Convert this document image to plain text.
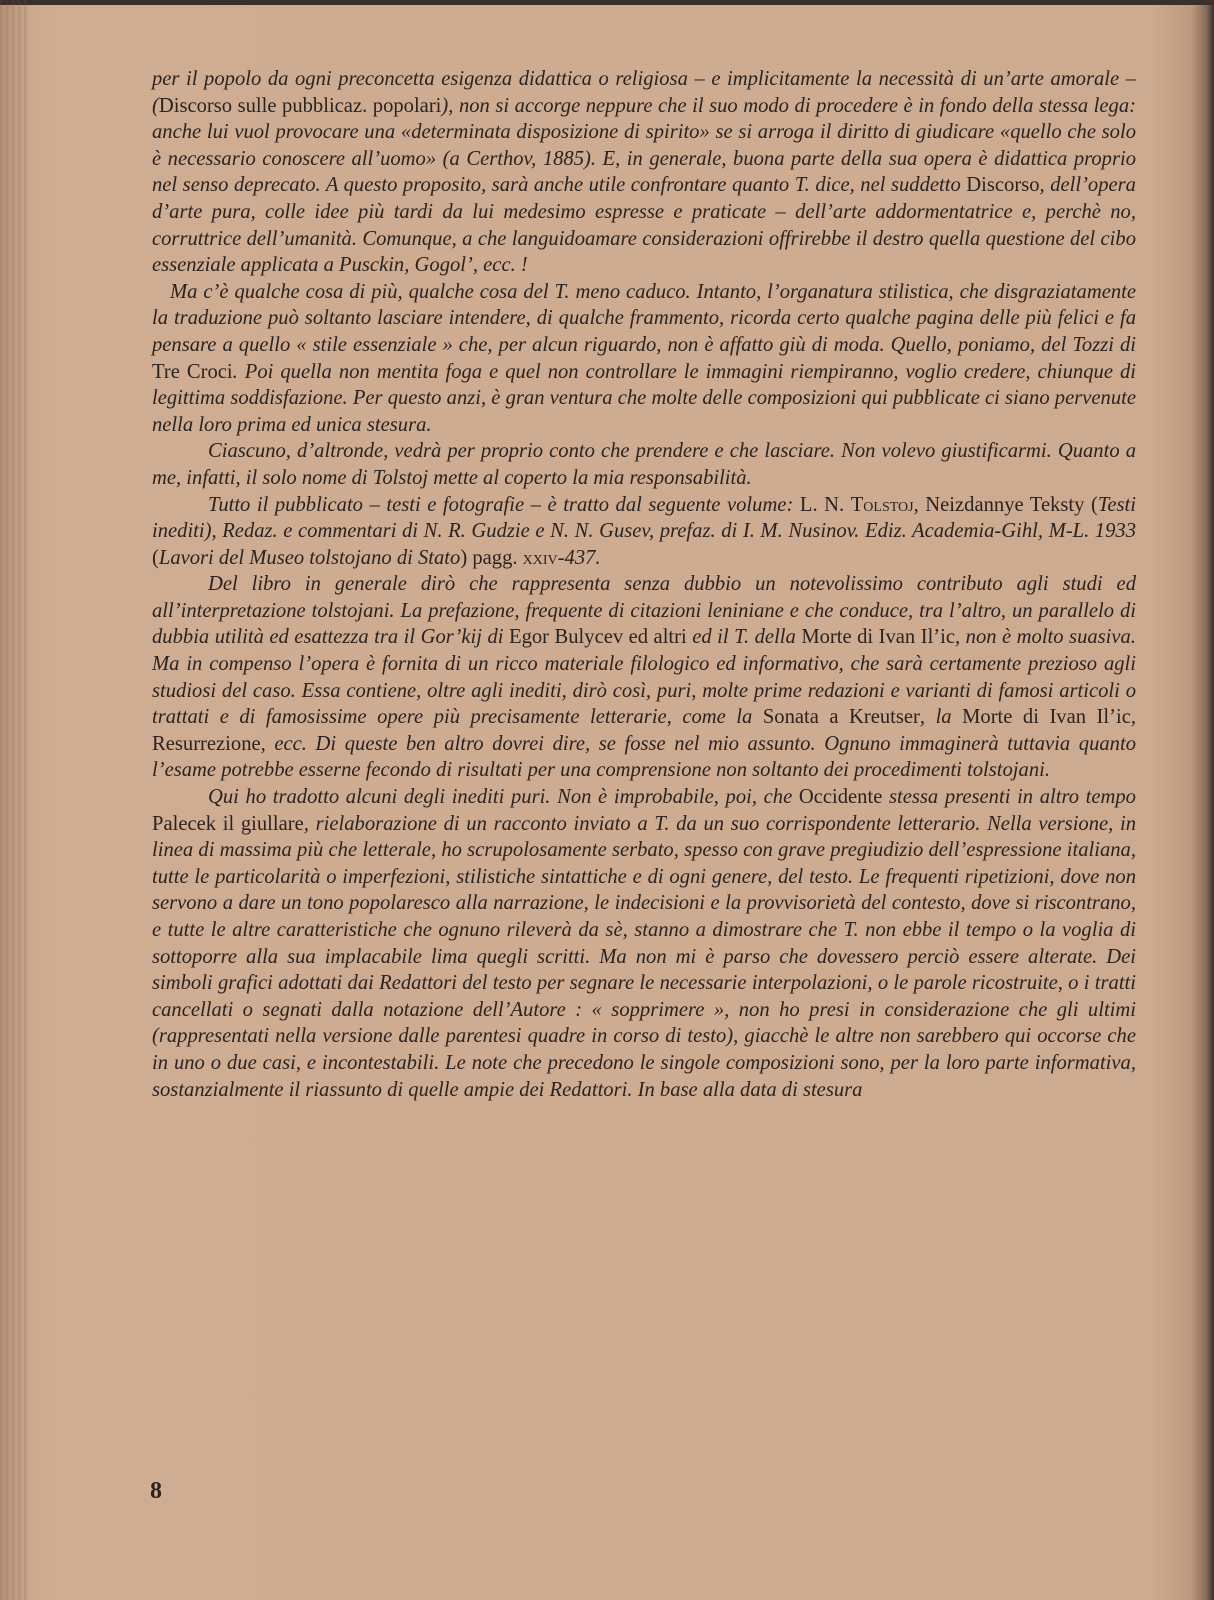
per il popolo da ogni preconcetta esigenza didattica o religiosa – e implicitamente la necessità di un’arte amorale – (Discorso sulle pubblicaz. popolari), non si accorge neppure che il suo modo di procedere è in fondo della stessa lega: anche lui vuol provocare una «determinata disposizione di spirito» se si arroga il diritto di giudicare «quello che solo è necessario conoscere all’uomo» (a Certhov, 1885). E, in generale, buona parte della sua opera è didattica proprio nel senso deprecato. A questo proposito, sarà anche utile confrontare quanto T. dice, nel suddetto Discorso, dell’opera d’arte pura, colle idee più tardi da lui medesimo espresse e praticate – dell’arte addormentatrice e, perchè no, corruttrice dell’umanità. Comunque, a che languidoamare considerazioni offrirebbe il destro quella questione del cibo essenziale applicata a Pusckin, Gogol’, ecc. !

Ma c’è qualche cosa di più, qualche cosa del T. meno caduco. Intanto, l’organatura stilistica, che disgraziatamente la traduzione può soltanto lasciare intendere, di qualche frammento, ricorda certo qualche pagina delle più felici e fa pensare a quello « stile essenziale » che, per alcun riguardo, non è affatto giù di moda. Quello, poniamo, del Tozzi di Tre Croci. Poi quella non mentita foga e quel non controllare le immagini riempiranno, voglio credere, chiunque di legittima soddisfazione. Per questo anzi, è gran ventura che molte delle composizioni qui pubblicate ci siano pervenute nella loro prima ed unica stesura.

Ciascuno, d’altronde, vedrà per proprio conto che prendere e che lasciare. Non volevo giustificarmi. Quanto a me, infatti, il solo nome di Tolstoj mette al coperto la mia responsabilità.

Tutto il pubblicato – testi e fotografie – è tratto dal seguente volume: L. N. Tolstoj, Neizdannye Teksty (Testi inediti), Redaz. e commentari di N. R. Gudzie e N. N. Gusev, prefaz. di I. M. Nusinov. Ediz. Academia-Gihl, M-L. 1933 (Lavori del Museo tolstojano di Stato) pagg. xxiv-437.

Del libro in generale dirò che rappresenta senza dubbio un notevolissimo contributo agli studi ed all’interpretazione tolstojani. La prefazione, frequente di citazioni leniniane e che conduce, tra l’altro, un parallelo di dubbia utilità ed esattezza tra il Gor’kij di Egor Bulycev ed altri ed il T. della Morte di Ivan Il’ic, non è molto suasiva. Ma in compenso l’opera è fornita di un ricco materiale filologico ed informativo, che sarà certamente prezioso agli studiosi del caso. Essa contiene, oltre agli inediti, dirò così, puri, molte prime redazioni e varianti di famosi articoli o trattati e di famosissime opere più precisamente letterarie, come la Sonata a Kreutser, la Morte di Ivan Il’ic, Resurrezione, ecc. Di queste ben altro dovrei dire, se fosse nel mio assunto. Ognuno immaginerà tuttavia quanto l’esame potrebbe esserne fecondo di risultati per una comprensione non soltanto dei procedimenti tolstojani.

Qui ho tradotto alcuni degli inediti puri. Non è improbabile, poi, che Occidente stessa presenti in altro tempo Palecek il giullare, rielaborazione di un racconto inviato a T. da un suo corrispondente letterario. Nella versione, in linea di massima più che letterale, ho scrupolosamente serbato, spesso con grave pregiudizio dell’espressione italiana, tutte le particolarità o imperfezioni, stilistiche sintattiche e di ogni genere, del testo. Le frequenti ripetizioni, dove non servono a dare un tono popolaresco alla narrazione, le indecisioni e la provvisorietà del contesto, dove si riscontrano, e tutte le altre caratteristiche che ognuno rileverà da sè, stanno a dimostrare che T. non ebbe il tempo o la voglia di sottoporre alla sua implacabile lima quegli scritti. Ma non mi è parso che dovessero perciò essere alterate. Dei simboli grafici adottati dai Redattori del testo per segnare le necessarie interpolazioni, o le parole ricostruite, o i tratti cancellati o segnati dalla notazione dell’Autore : « sopprimere », non ho presi in considerazione che gli ultimi (rappresentati nella versione dalle parentesi quadre in corso di testo), giacchè le altre non sarebbero qui occorse che in uno o due casi, e incontestabili. Le note che precedono le singole composizioni sono, per la loro parte informativa, sostanzialmente il riassunto di quelle ampie dei Redattori. In base alla data di stesura

8
